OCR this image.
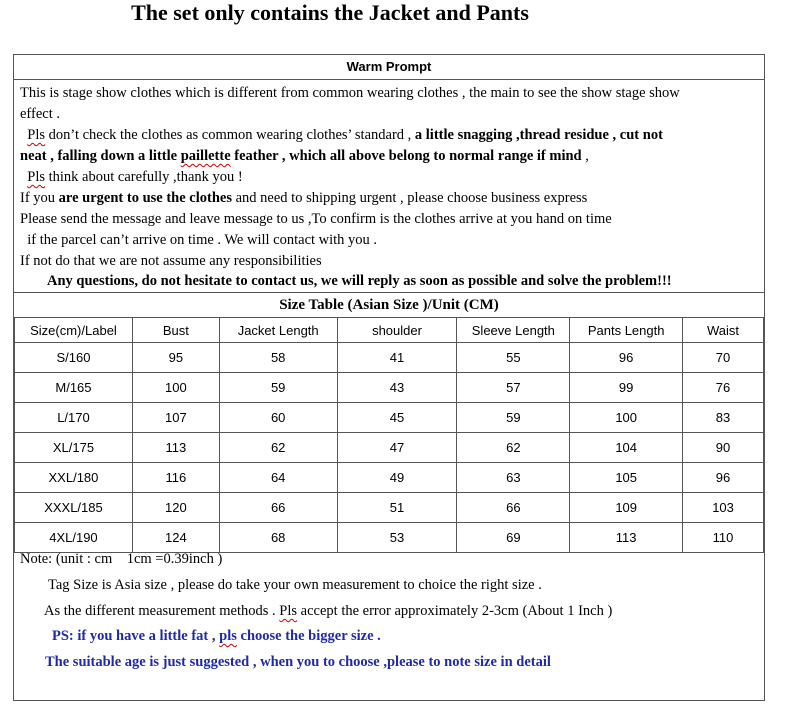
The set only contains the Jacket and Pants
Warm Prompt
This is stage show clothes which is different from common wearing clothes , the main to see the show stage show
effect .
Pls don’t check the clothes as common wearing clothes’ standard , a little snagging ,thread residue , cut not
neat , falling down a little paillette feather , which all above belong to normal range if mind ,
Pls think about carefully ,thank you !
If you are urgent to use the clothes and need to shipping urgent , please choose business express
Please send the message and leave message to us ,To confirm is the clothes arrive at you hand on time
if the parcel can’t arrive on time . We will contact with you .
If not do that we are not assume any responsibilities
Any questions, do not hesitate to contact us, we will reply as soon as possible and solve the problem!!!
Size Table (Asian Size )/Unit (CM)
Size(cm)/Label	Bust	Jacket Length	shoulder	Sleeve Length	Pants Length	Waist
S/160	95	58	41	55	96	70
M/165	100	59	43	57	99	76
L/170	107	60	45	59	100	83
XL/175	113	62	47	62	104	90
XXL/180	116	64	49	63	105	96
XXXL/185	120	66	51	66	109	103
4XL/190	124	68	53	69	113	110
Note: (unit : cm    1cm =0.39inch )
Tag Size is Asia size , please do take your own measurement to choice the right size .
As the different measurement methods . Pls accept the error approximately 2-3cm (About 1 Inch )
PS: if you have a little fat , pls choose the bigger size .
The suitable age is just suggested , when you to choose ,please to note size in detail
